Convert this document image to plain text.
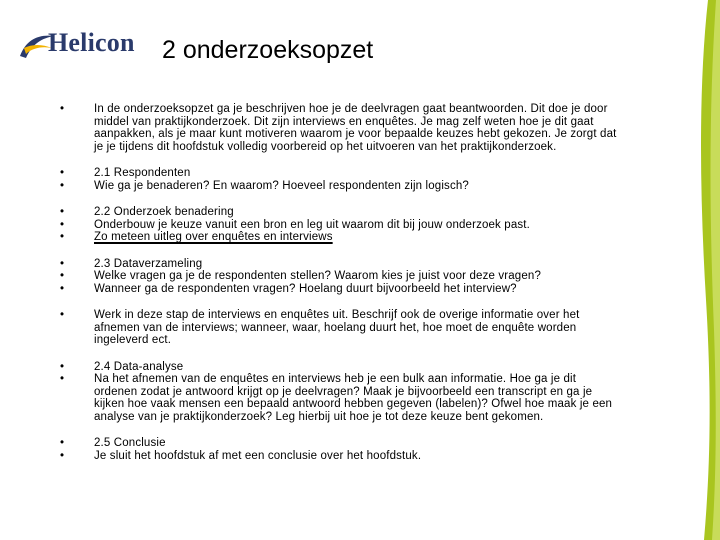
Helicon 2 onderzoeksopzet
•	In de onderzoeksopzet ga je beschrijven hoe je de deelvragen gaat beantwoorden. Dit doe je door
middel van praktijkonderzoek. Dit zijn interviews en enquêtes. Je mag zelf weten hoe je dit gaat
aanpakken, als je maar kunt motiveren waarom je voor bepaalde keuzes hebt gekozen. Je zorgt dat
je je tijdens dit hoofdstuk volledig voorbereid op het uitvoeren van het praktijkonderzoek.
•
•
2.1 Respondenten
Wie ga je benaderen? En waarom? Hoeveel respondenten zijn logisch?
•
•
•
2.2 Onderzoek benadering
Onderbouw je keuze vanuit een bron en leg uit waarom dit bij jouw onderzoek past.
Zo meteen uitleg over enquêtes en interviews
•
•
•
2.3 Dataverzameling
Welke vragen ga je de respondenten stellen? Waarom kies je juist voor deze vragen?
Wanneer ga de respondenten vragen? Hoelang duurt bijvoorbeeld het interview?
•	Werk in deze stap de interviews en enquêtes uit. Beschrijf ook de overige informatie over het
afnemen van de interviews; wanneer, waar, hoelang duurt het, hoe moet de enquête worden
ingeleverd ect.
•
•
2.4 Data-analyse
Na het afnemen van de enquêtes en interviews heb je een bulk aan informatie. Hoe ga je dit
ordenen zodat je antwoord krijgt op je deelvragen? Maak je bijvoorbeeld een transcript en ga je
kijken hoe vaak mensen een bepaald antwoord hebben gegeven (labelen)? Ofwel hoe maak je een
analyse van je praktijkonderzoek? Leg hierbij uit hoe je tot deze keuze bent gekomen.
•
•
2.5 Conclusie
Je sluit het hoofdstuk af met een conclusie over het hoofdstuk.
